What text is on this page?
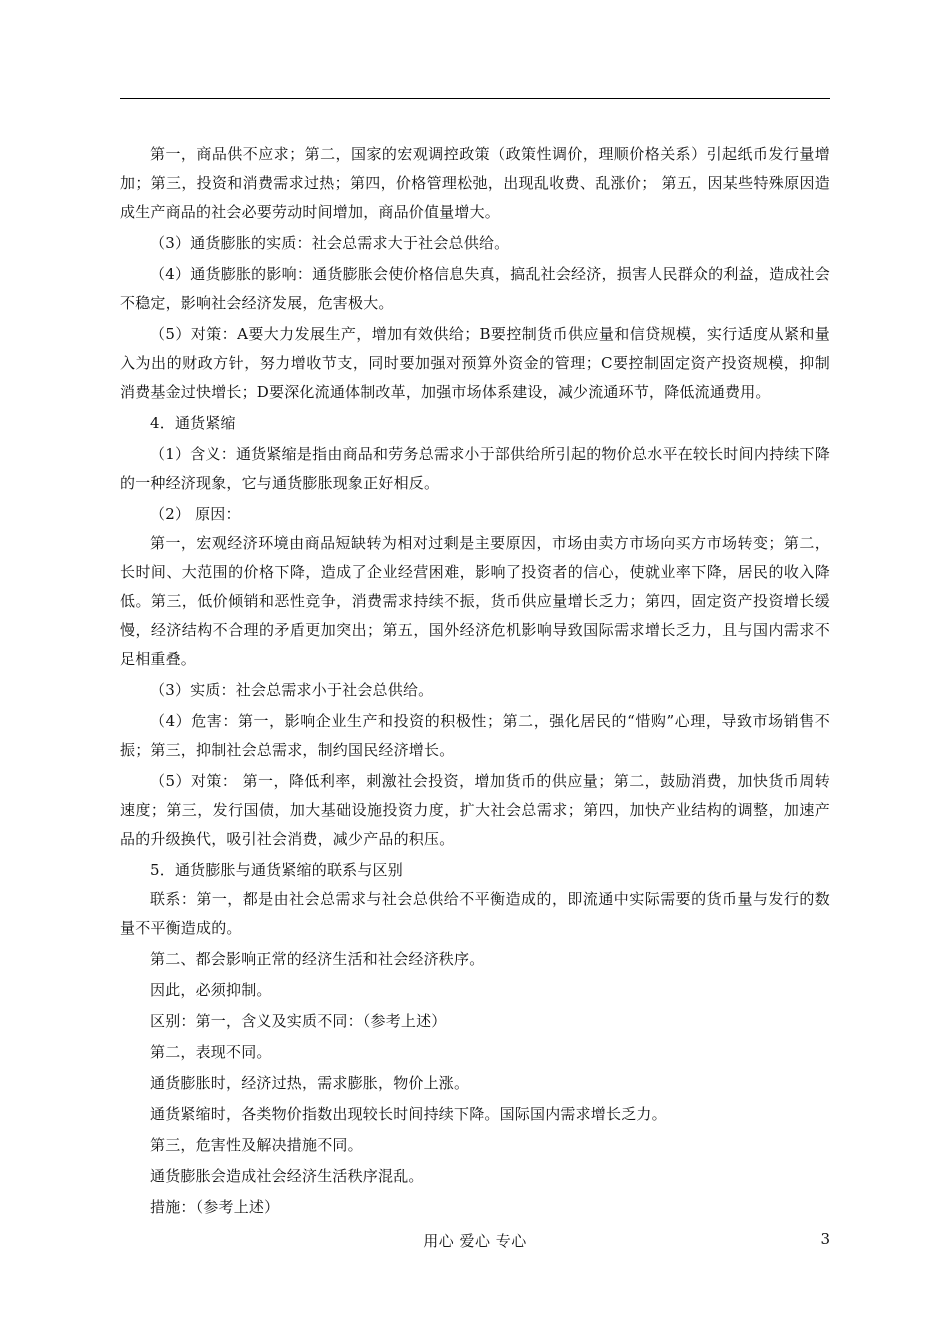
第一，商品供不应求；第二，国家的宏观调控政策（政策性调价，理顺价格关系）引起纸币发行量增加；第三，投资和消费需求过热；第四，价格管理松弛，出现乱收费、乱涨价； 第五，因某些特殊原因造成生产商品的社会必要劳动时间增加，商品价值量增大。

（3）通货膨胀的实质：社会总需求大于社会总供给。

（4）通货膨胀的影响：通货膨胀会使价格信息失真，搞乱社会经济，损害人民群众的利益，造成社会不稳定，影响社会经济发展，危害极大。

（5）对策：A要大力发展生产，增加有效供给；B要控制货币供应量和信贷规模，实行适度从紧和量入为出的财政方针，努力增收节支，同时要加强对预算外资金的管理；C要控制固定资产投资规模，抑制消费基金过快增长；D要深化流通体制改革，加强市场体系建设，减少流通环节，降低流通费用。

4．通货紧缩

（1）含义：通货紧缩是指由商品和劳务总需求小于部供给所引起的物价总水平在较长时间内持续下降的一种经济现象，它与通货膨胀现象正好相反。

（2） 原因：

第一，宏观经济环境由商品短缺转为相对过剩是主要原因，市场由卖方市场向买方市场转变；第二，长时间、大范围的价格下降，造成了企业经营困难，影响了投资者的信心，使就业率下降，居民的收入降低。第三，低价倾销和恶性竞争，消费需求持续不振，货币供应量增长乏力；第四，固定资产投资增长缓慢，经济结构不合理的矛盾更加突出；第五，国外经济危机影响导致国际需求增长乏力，且与国内需求不足相重叠。

（3）实质：社会总需求小于社会总供给。

（4）危害：第一，影响企业生产和投资的积极性；第二，强化居民的“惜购”心理，导致市场销售不振；第三，抑制社会总需求，制约国民经济增长。

（5）对策： 第一，降低利率，刺激社会投资，增加货币的供应量；第二，鼓励消费，加快货币周转速度；第三，发行国债，加大基础设施投资力度，扩大社会总需求；第四，加快产业结构的调整，加速产品的升级换代，吸引社会消费，减少产品的积压。

5．通货膨胀与通货紧缩的联系与区别

联系：第一，都是由社会总需求与社会总供给不平衡造成的，即流通中实际需要的货币量与发行的数量不平衡造成的。

第二、都会影响正常的经济生活和社会经济秩序。

因此，必须抑制。

区别：第一，含义及实质不同：（参考上述）

第二，表现不同。

通货膨胀时，经济过热，需求膨胀，物价上涨。

通货紧缩时，各类物价指数出现较长时间持续下降。国际国内需求增长乏力。

第三，危害性及解决措施不同。

通货膨胀会造成社会经济生活秩序混乱。

措施：（参考上述）

用心 爱心 专心	3
